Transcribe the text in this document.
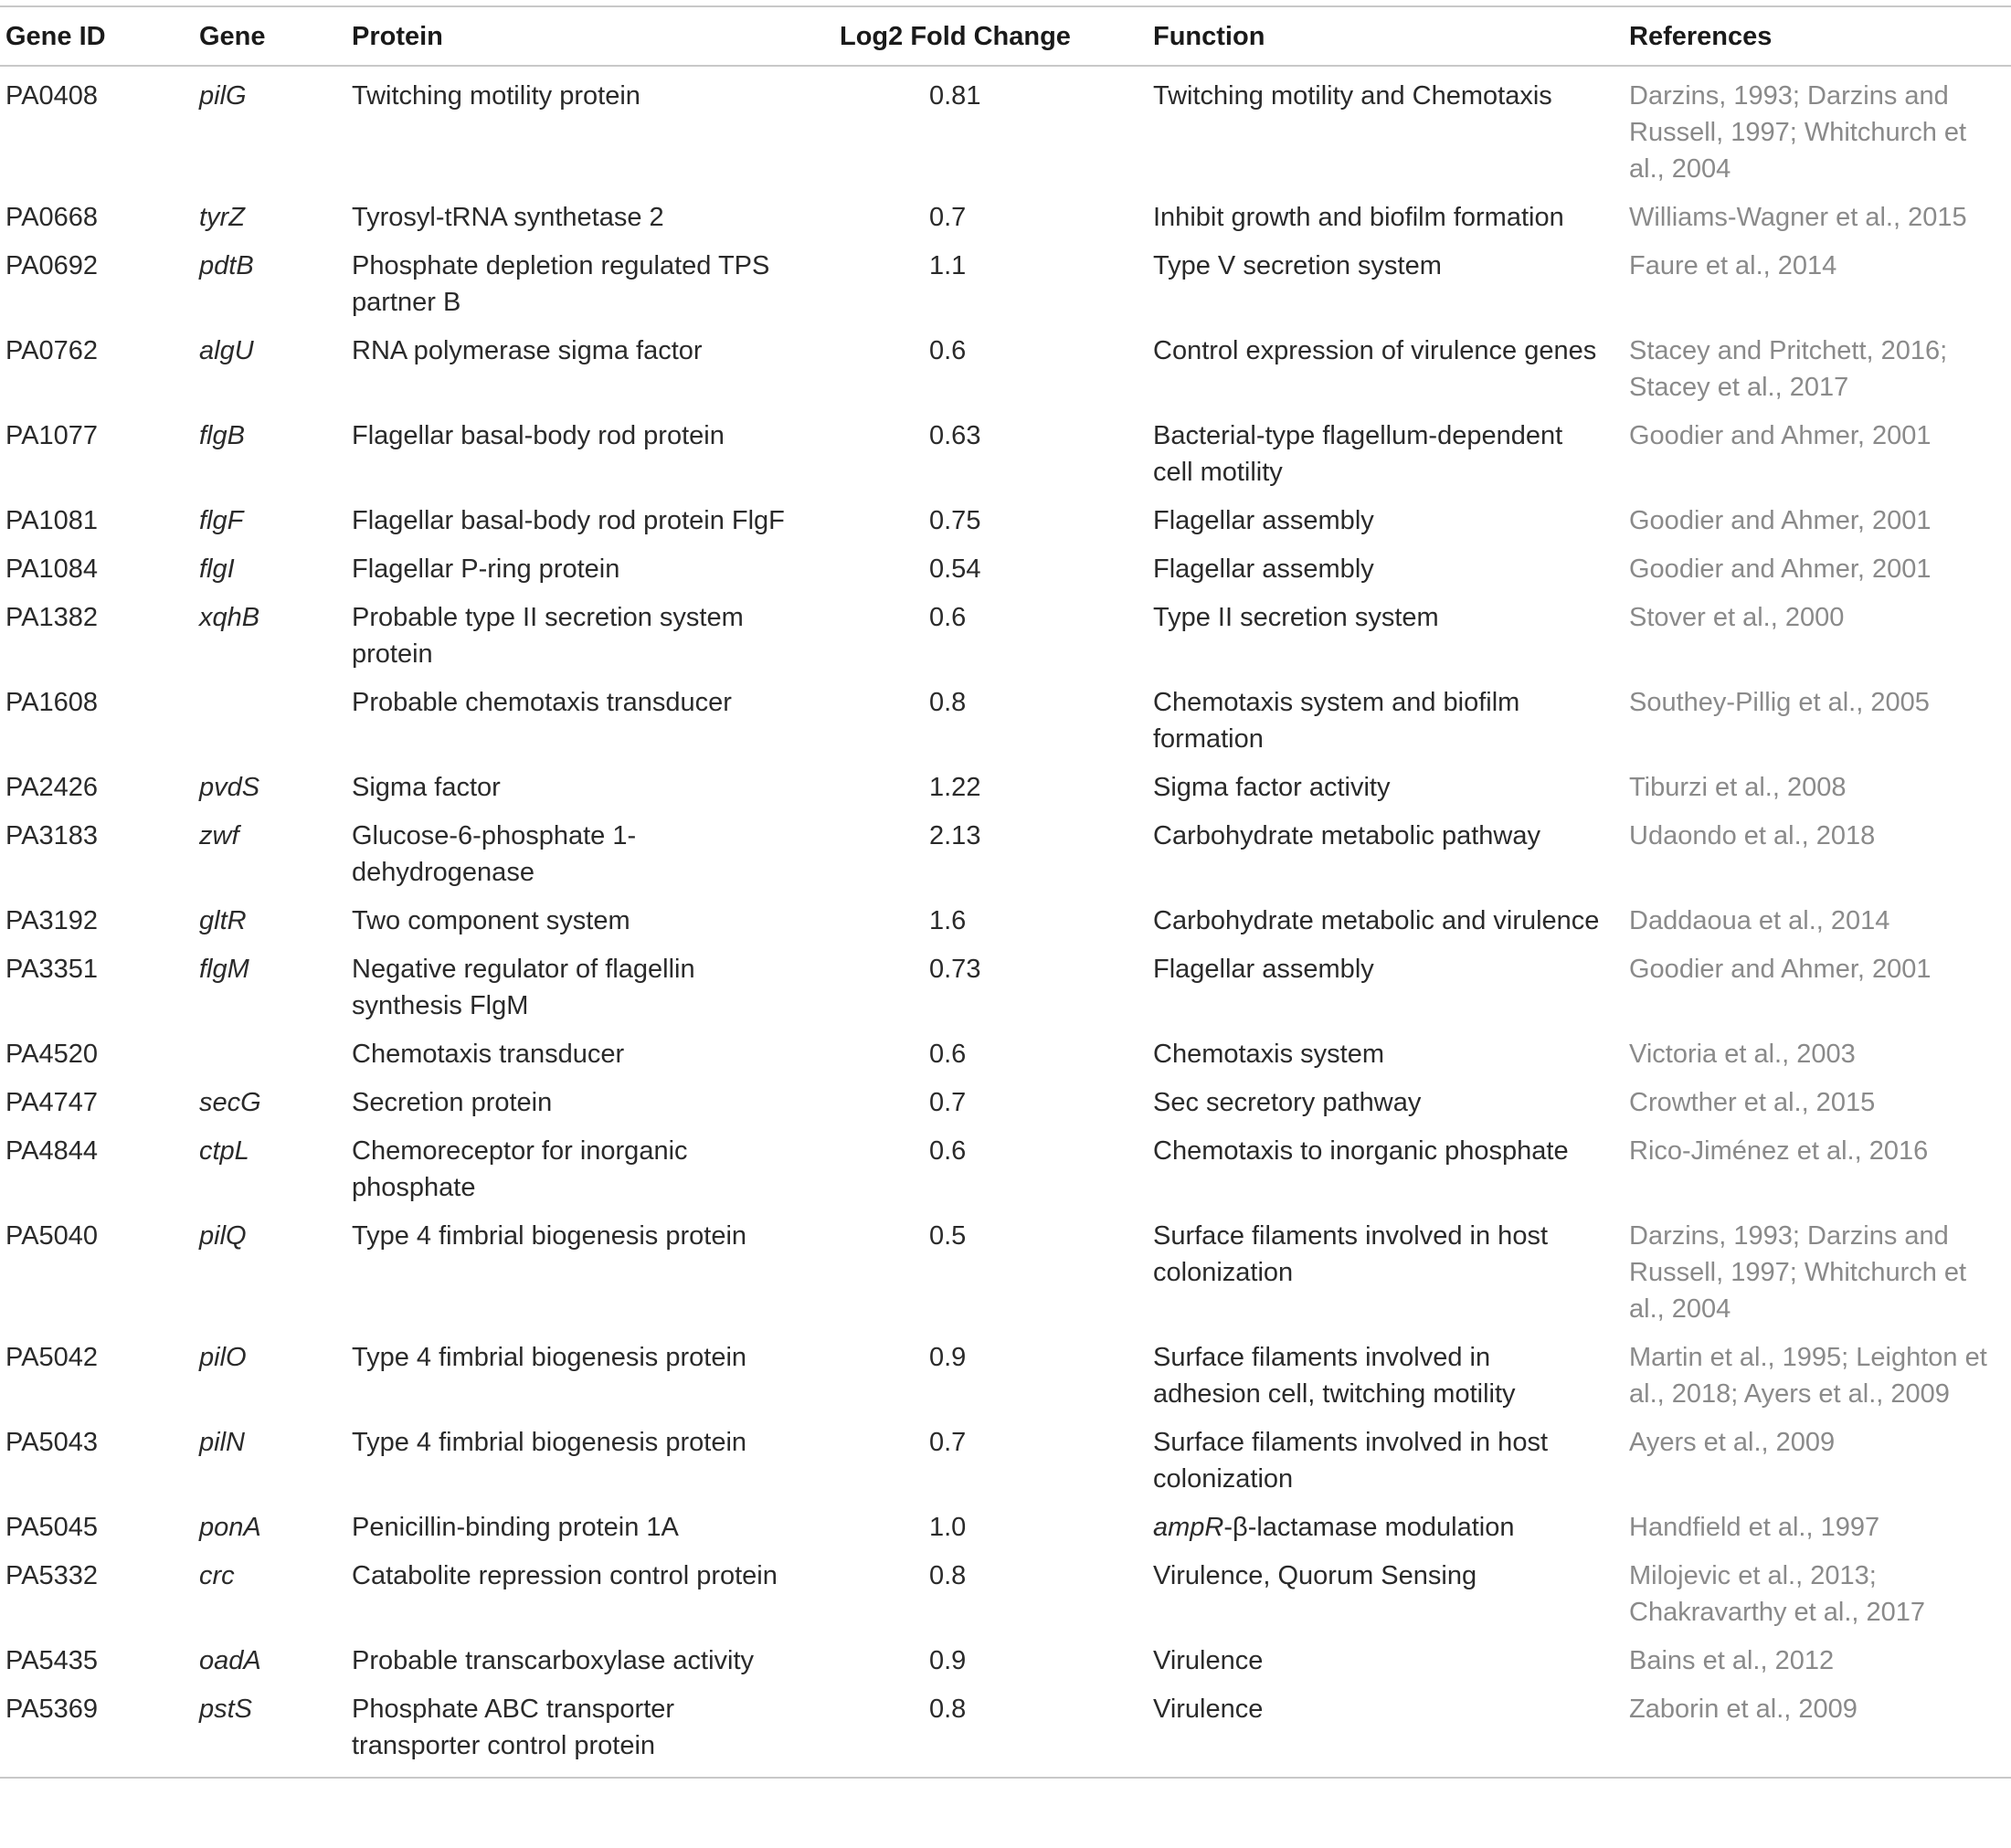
Gene ID	Gene	Protein	Log2 Fold Change	Function	References
PA0408	pilG	Twitching motility protein	0.81	Twitching motility and Chemotaxis	Darzins, 1993; Darzins and Russell, 1997; Whitchurch et al., 2004
PA0668	tyrZ	Tyrosyl-tRNA synthetase 2	0.7	Inhibit growth and biofilm formation	Williams-Wagner et al., 2015
PA0692	pdtB	Phosphate depletion regulated TPS partner B	1.1	Type V secretion system	Faure et al., 2014
PA0762	algU	RNA polymerase sigma factor	0.6	Control expression of virulence genes	Stacey and Pritchett, 2016; Stacey et al., 2017
PA1077	flgB	Flagellar basal-body rod protein	0.63	Bacterial-type flagellum-dependent cell motility	Goodier and Ahmer, 2001
PA1081	flgF	Flagellar basal-body rod protein FlgF	0.75	Flagellar assembly	Goodier and Ahmer, 2001
PA1084	flgI	Flagellar P-ring protein	0.54	Flagellar assembly	Goodier and Ahmer, 2001
PA1382	xqhB	Probable type II secretion system protein	0.6	Type II secretion system	Stover et al., 2000
PA1608		Probable chemotaxis transducer	0.8	Chemotaxis system and biofilm formation	Southey-Pillig et al., 2005
PA2426	pvdS	Sigma factor	1.22	Sigma factor activity	Tiburzi et al., 2008
PA3183	zwf	Glucose-6-phosphate 1-dehydrogenase	2.13	Carbohydrate metabolic pathway	Udaondo et al., 2018
PA3192	gltR	Two component system	1.6	Carbohydrate metabolic and virulence	Daddaoua et al., 2014
PA3351	flgM	Negative regulator of flagellin synthesis FlgM	0.73	Flagellar assembly	Goodier and Ahmer, 2001
PA4520		Chemotaxis transducer	0.6	Chemotaxis system	Victoria et al., 2003
PA4747	secG	Secretion protein	0.7	Sec secretory pathway	Crowther et al., 2015
PA4844	ctpL	Chemoreceptor for inorganic phosphate	0.6	Chemotaxis to inorganic phosphate	Rico-Jiménez et al., 2016
PA5040	pilQ	Type 4 fimbrial biogenesis protein	0.5	Surface filaments involved in host colonization	Darzins, 1993; Darzins and Russell, 1997; Whitchurch et al., 2004
PA5042	pilO	Type 4 fimbrial biogenesis protein	0.9	Surface filaments involved in adhesion cell, twitching motility	Martin et al., 1995; Leighton et al., 2018; Ayers et al., 2009
PA5043	pilN	Type 4 fimbrial biogenesis protein	0.7	Surface filaments involved in host colonization	Ayers et al., 2009
PA5045	ponA	Penicillin-binding protein 1A	1.0	ampR-β-lactamase modulation	Handfield et al., 1997
PA5332	crc	Catabolite repression control protein	0.8	Virulence, Quorum Sensing	Milojevic et al., 2013; Chakravarthy et al., 2017
PA5435	oadA	Probable transcarboxylase activity	0.9	Virulence	Bains et al., 2012
PA5369	pstS	Phosphate ABC transporter transporter control protein	0.8	Virulence	Zaborin et al., 2009
